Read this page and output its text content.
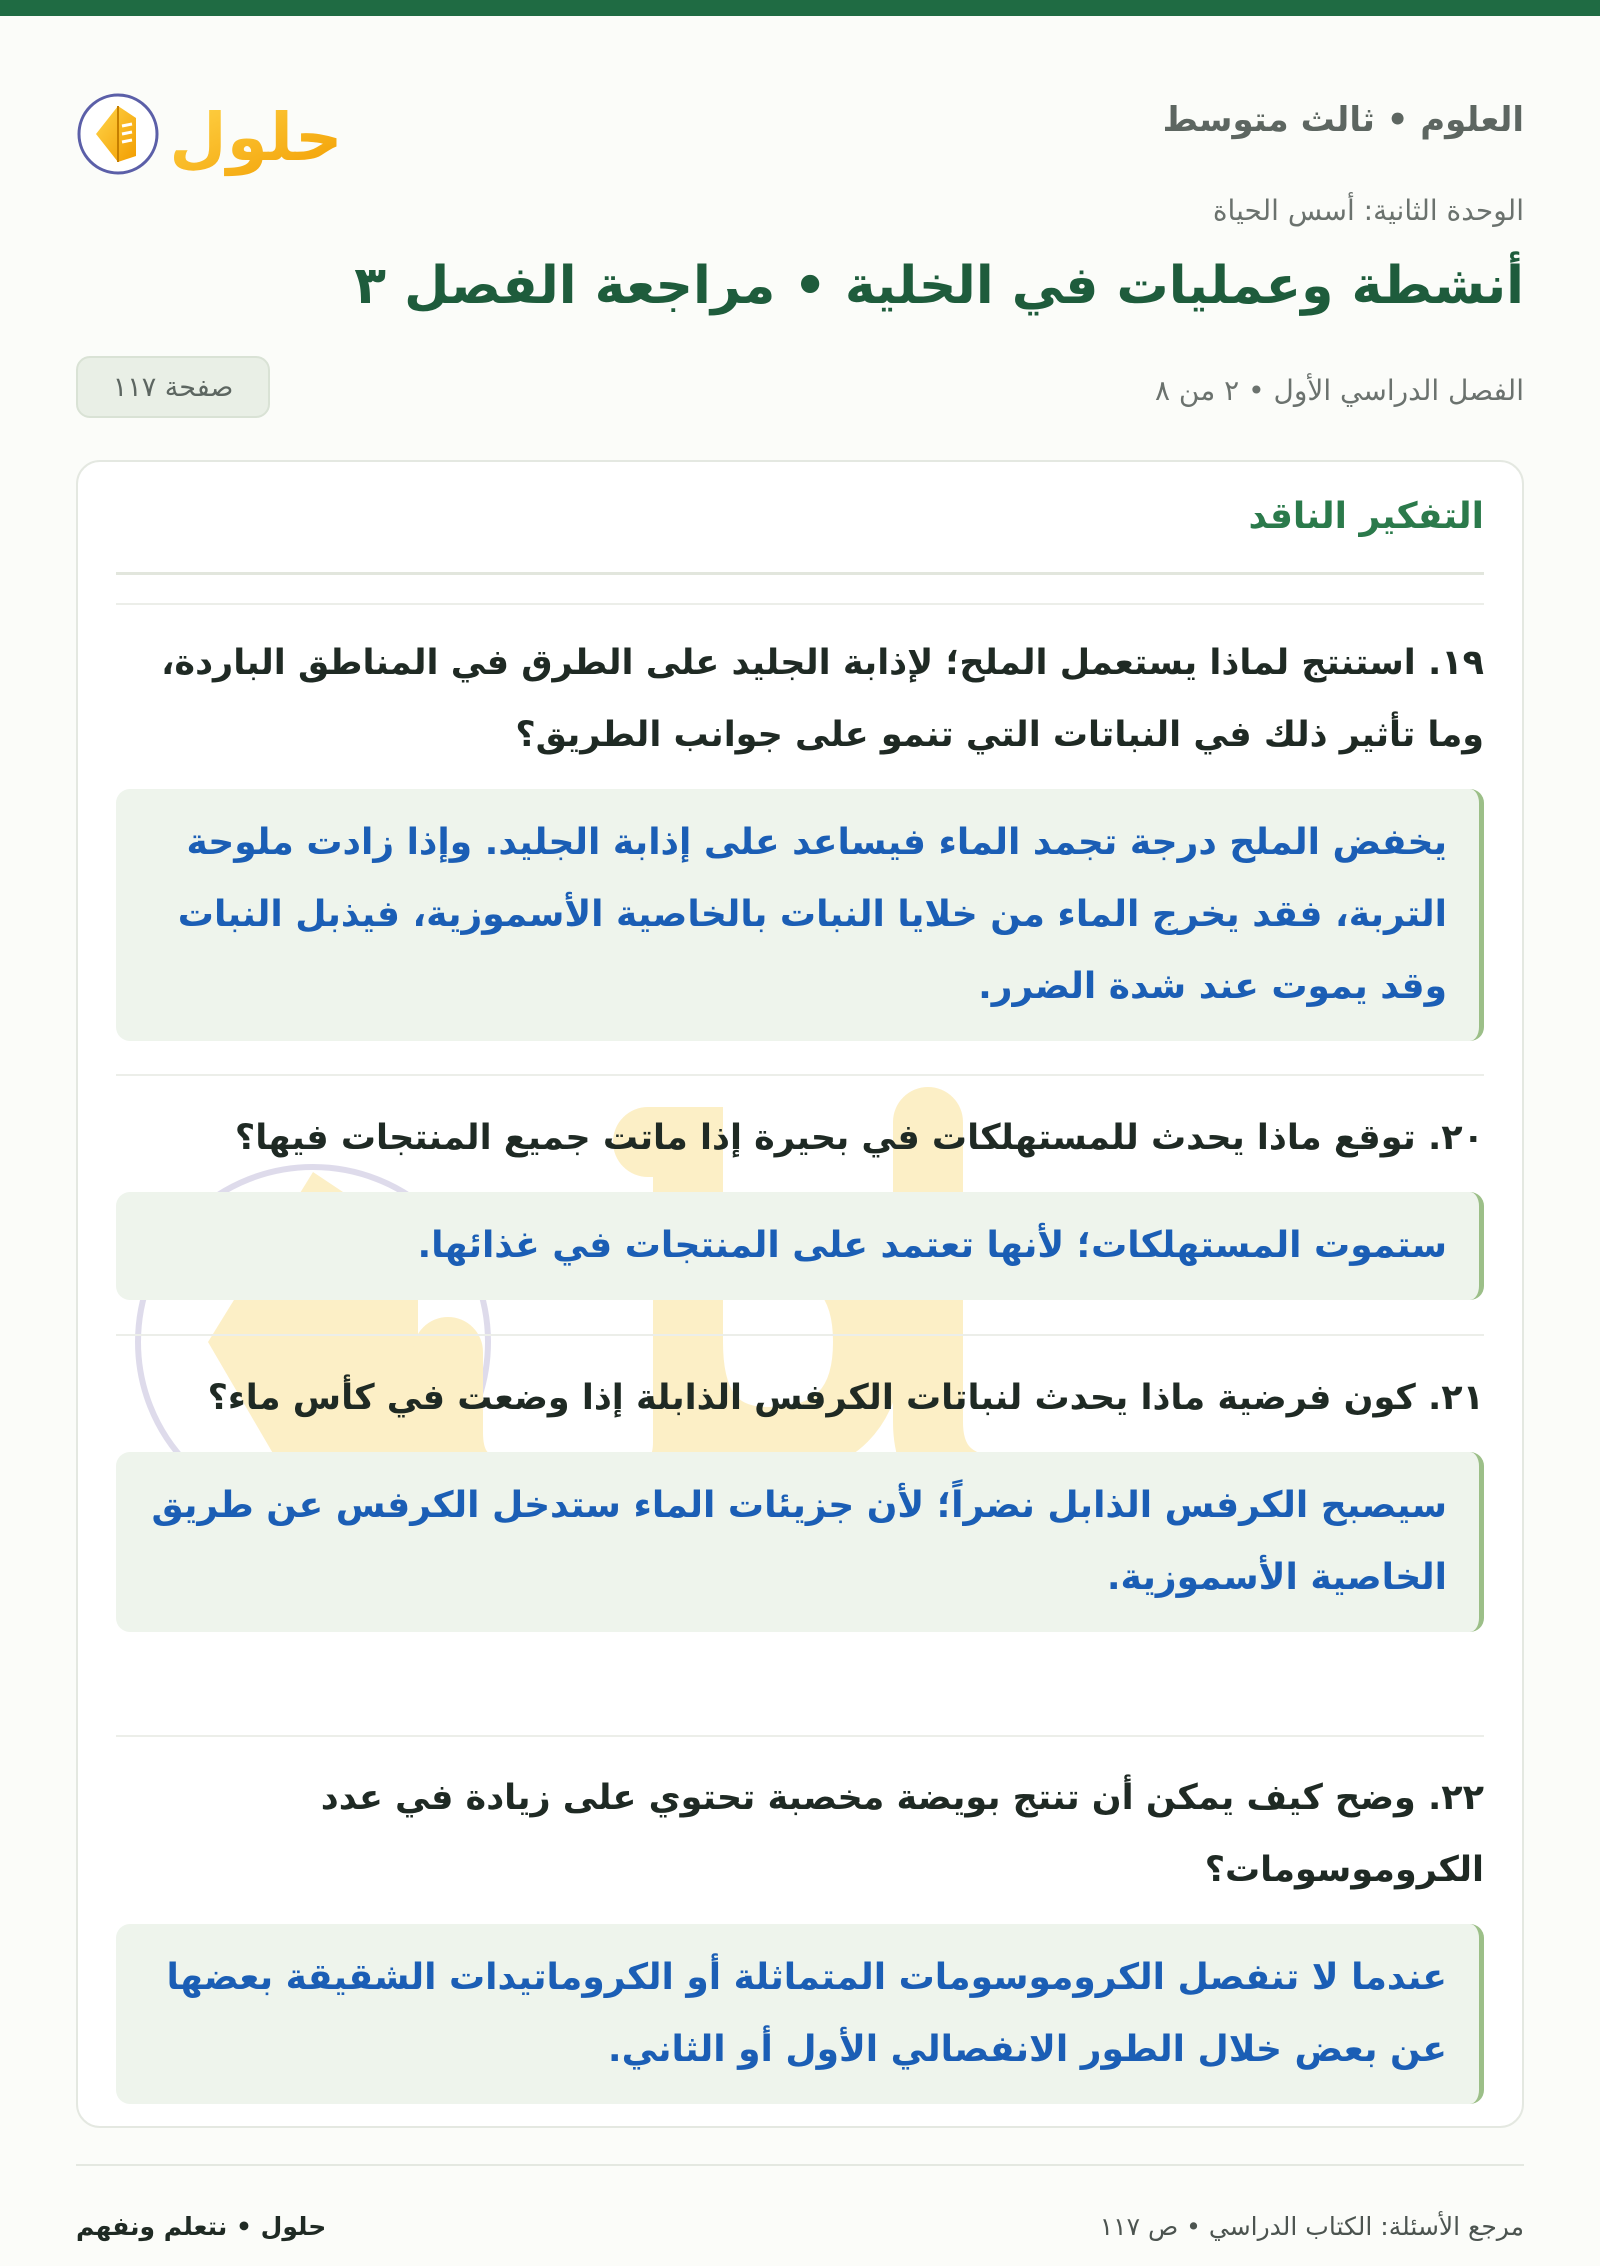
العلوم • ثالث متوسط
حلول
الوحدة الثانية: أسس الحياة
أنشطة وعمليات في الخلية • مراجعة الفصل ٣
الفصل الدراسي الأول • ٢ من ٨
صفحة ١١٧
التفكير الناقد
١٩. استنتج لماذا يستعمل الملح؛ لإذابة الجليد على الطرق في المناطق الباردة، وما تأثير ذلك في النباتات التي تنمو على جوانب الطريق؟
يخفض الملح درجة تجمد الماء فيساعد على إذابة الجليد. وإذا زادت ملوحة التربة، فقد يخرج الماء من خلايا النبات بالخاصية الأسموزية، فيذبل النبات وقد يموت عند شدة الضرر.
٢٠. توقع ماذا يحدث للمستهلكات في بحيرة إذا ماتت جميع المنتجات فيها؟
ستموت المستهلكات؛ لأنها تعتمد على المنتجات في غذائها.
٢١. كون فرضية ماذا يحدث لنباتات الكرفس الذابلة إذا وضعت في كأس ماء؟
سيصبح الكرفس الذابل نضراً؛ لأن جزيئات الماء ستدخل الكرفس عن طريق الخاصية الأسموزية.
٢٢. وضح كيف يمكن أن تنتج بويضة مخصبة تحتوي على زيادة في عدد الكروموسومات؟
عندما لا تنفصل الكروموسومات المتماثلة أو الكروماتيدات الشقيقة بعضها عن بعض خلال الطور الانفصالي الأول أو الثاني.
حلول • نتعلم ونفهم	مرجع الأسئلة: الكتاب الدراسي • ص ١١٧
